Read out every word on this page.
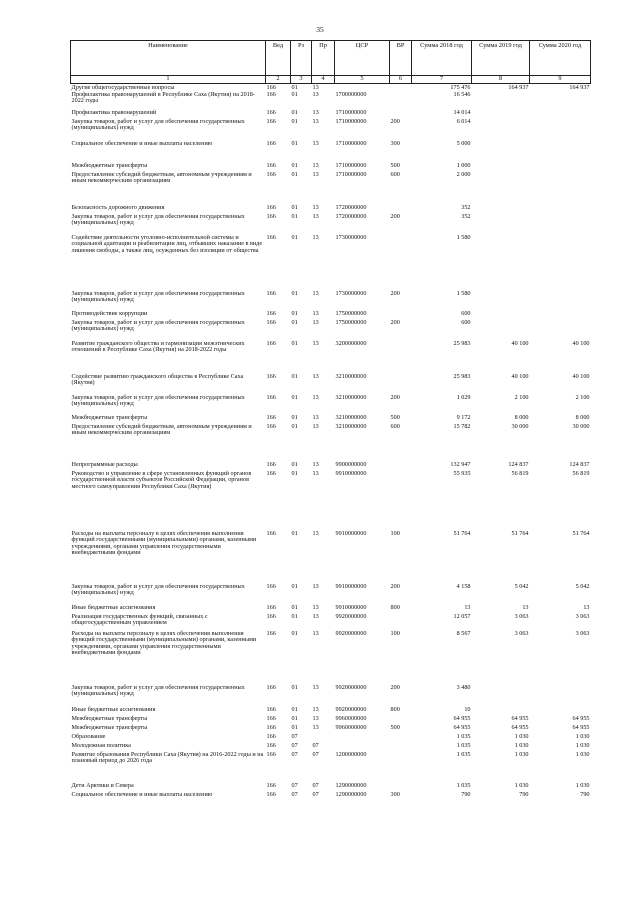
35
Наименование	Вед	Рз	Пр	ЦСР	ВР	Сумма 2018 год	Сумма 2019 год	Сумма 2020 год
1	2	3	4	5	6	7	8	9
Другие общегосударственные вопросы	166	01	13			175 476	164 937	164 937
Профилактика правонарушений в Республике Саха (Якутия) на 2018-2022 годы	166	01	13	1700000000		16 546		
Профилактика правонарушений	166	01	13	1710000000		14 014		
Закупка товаров, работ и услуг для обеспечения государственных (муниципальных) нужд	166	01	13	1710000000	200	6 014		
Социальное обеспечение и иные выплаты населению	166	01	13	1710000000	300	5 000		
Межбюджетные трансферты	166	01	13	1710000000	500	1 000		
Предоставление субсидий бюджетным, автономным учреждениям и иным некоммерческим организациям	166	01	13	1710000000	600	2 000		
Безопасность дорожного движения	166	01	13	1720000000		352		
Закупка товаров, работ и услуг для обеспечения государственных (муниципальных) нужд	166	01	13	1720000000	200	352		
Содействие деятельности уголовно-исполнительной системы и социальной адаптации и реабилитации лиц, отбывших наказание в виде лишения свободы, а также лиц, осужденных без изоляции от общества	166	01	13	1730000000		1 580		
Закупка товаров, работ и услуг для обеспечения государственных (муниципальных) нужд	166	01	13	1730000000	200	1 580		
Противодействие коррупции	166	01	13	1750000000		600		
Закупка товаров, работ и услуг для обеспечения государственных (муниципальных) нужд	166	01	13	1750000000	200	600		
Развитие гражданского общества и гармонизация межэтнических отношений в Республике Саха (Якутия) на 2018-2022 годы	166	01	13	3200000000		25 983	40 100	40 100
Содействие развитию гражданского общества в Республике Саха (Якутия)	166	01	13	3210000000		25 983	40 100	40 100
Закупка товаров, работ и услуг для обеспечения государственных (муниципальных) нужд	166	01	13	3210000000	200	1 029	2 100	2 100
Межбюджетные трансферты	166	01	13	3210000000	500	9 172	8 000	8 000
Предоставление субсидий бюджетным, автономным учреждениям и иным некоммерческим организациям	166	01	13	3210000000	600	15 782	30 000	30 000
Непрограммные расходы	166	01	13	9900000000		132 947	124 837	124 837
Руководство и управление в сфере установленных функций органов государственной власти субъектов Российской Федерации, органов местного самоуправления Республики Саха (Якутия)	166	01	13	9910000000		55 935	56 819	56 819
Расходы на выплаты персоналу в целях обеспечения выполнения функций государственными (муниципальными) органами, казенными учреждениями, органами управления государственными внебюджетными фондами	166	01	13	9910000000	100	51 764	51 764	51 764
Закупка товаров, работ и услуг для обеспечения государственных (муниципальных) нужд	166	01	13	9910000000	200	4 158	5 042	5 042
Иные бюджетные ассигнования	166	01	13	9910000000	800	13	13	13
Реализация государственных функций, связанных с общегосударственным управлением	166	01	13	9920000000		12 057	3 063	3 063
Расходы на выплаты персоналу в целях обеспечения выполнения функций государственными (муниципальными) органами, казенными учреждениями, органами управления государственными внебюджетными фондами	166	01	13	9920000000	100	8 567	3 063	3 063
Закупка товаров, работ и услуг для обеспечения государственных (муниципальных) нужд	166	01	13	9920000000	200	3 480		
Иные бюджетные ассигнования	166	01	13	9920000000	800	10		
Межбюджетные трансферты	166	01	13	9960000000		64 955	64 955	64 955
Межбюджетные трансферты	166	01	13	9960000000	500	64 955	64 955	64 955
Образование	166	07				1 035	1 030	1 030
Молодежная политика	166	07	07			1 035	1 030	1 030
Развитие образования Республики Саха (Якутия) на 2016-2022 годы и на плановый период до 2026 года	166	07	07	1200000000		1 035	1 030	1 030
Дети Арктики и Севера	166	07	07	1290000000		1 035	1 030	1 030
Социальное обеспечение и иные выплаты населению	166	07	07	1290000000	300	790	790	790
